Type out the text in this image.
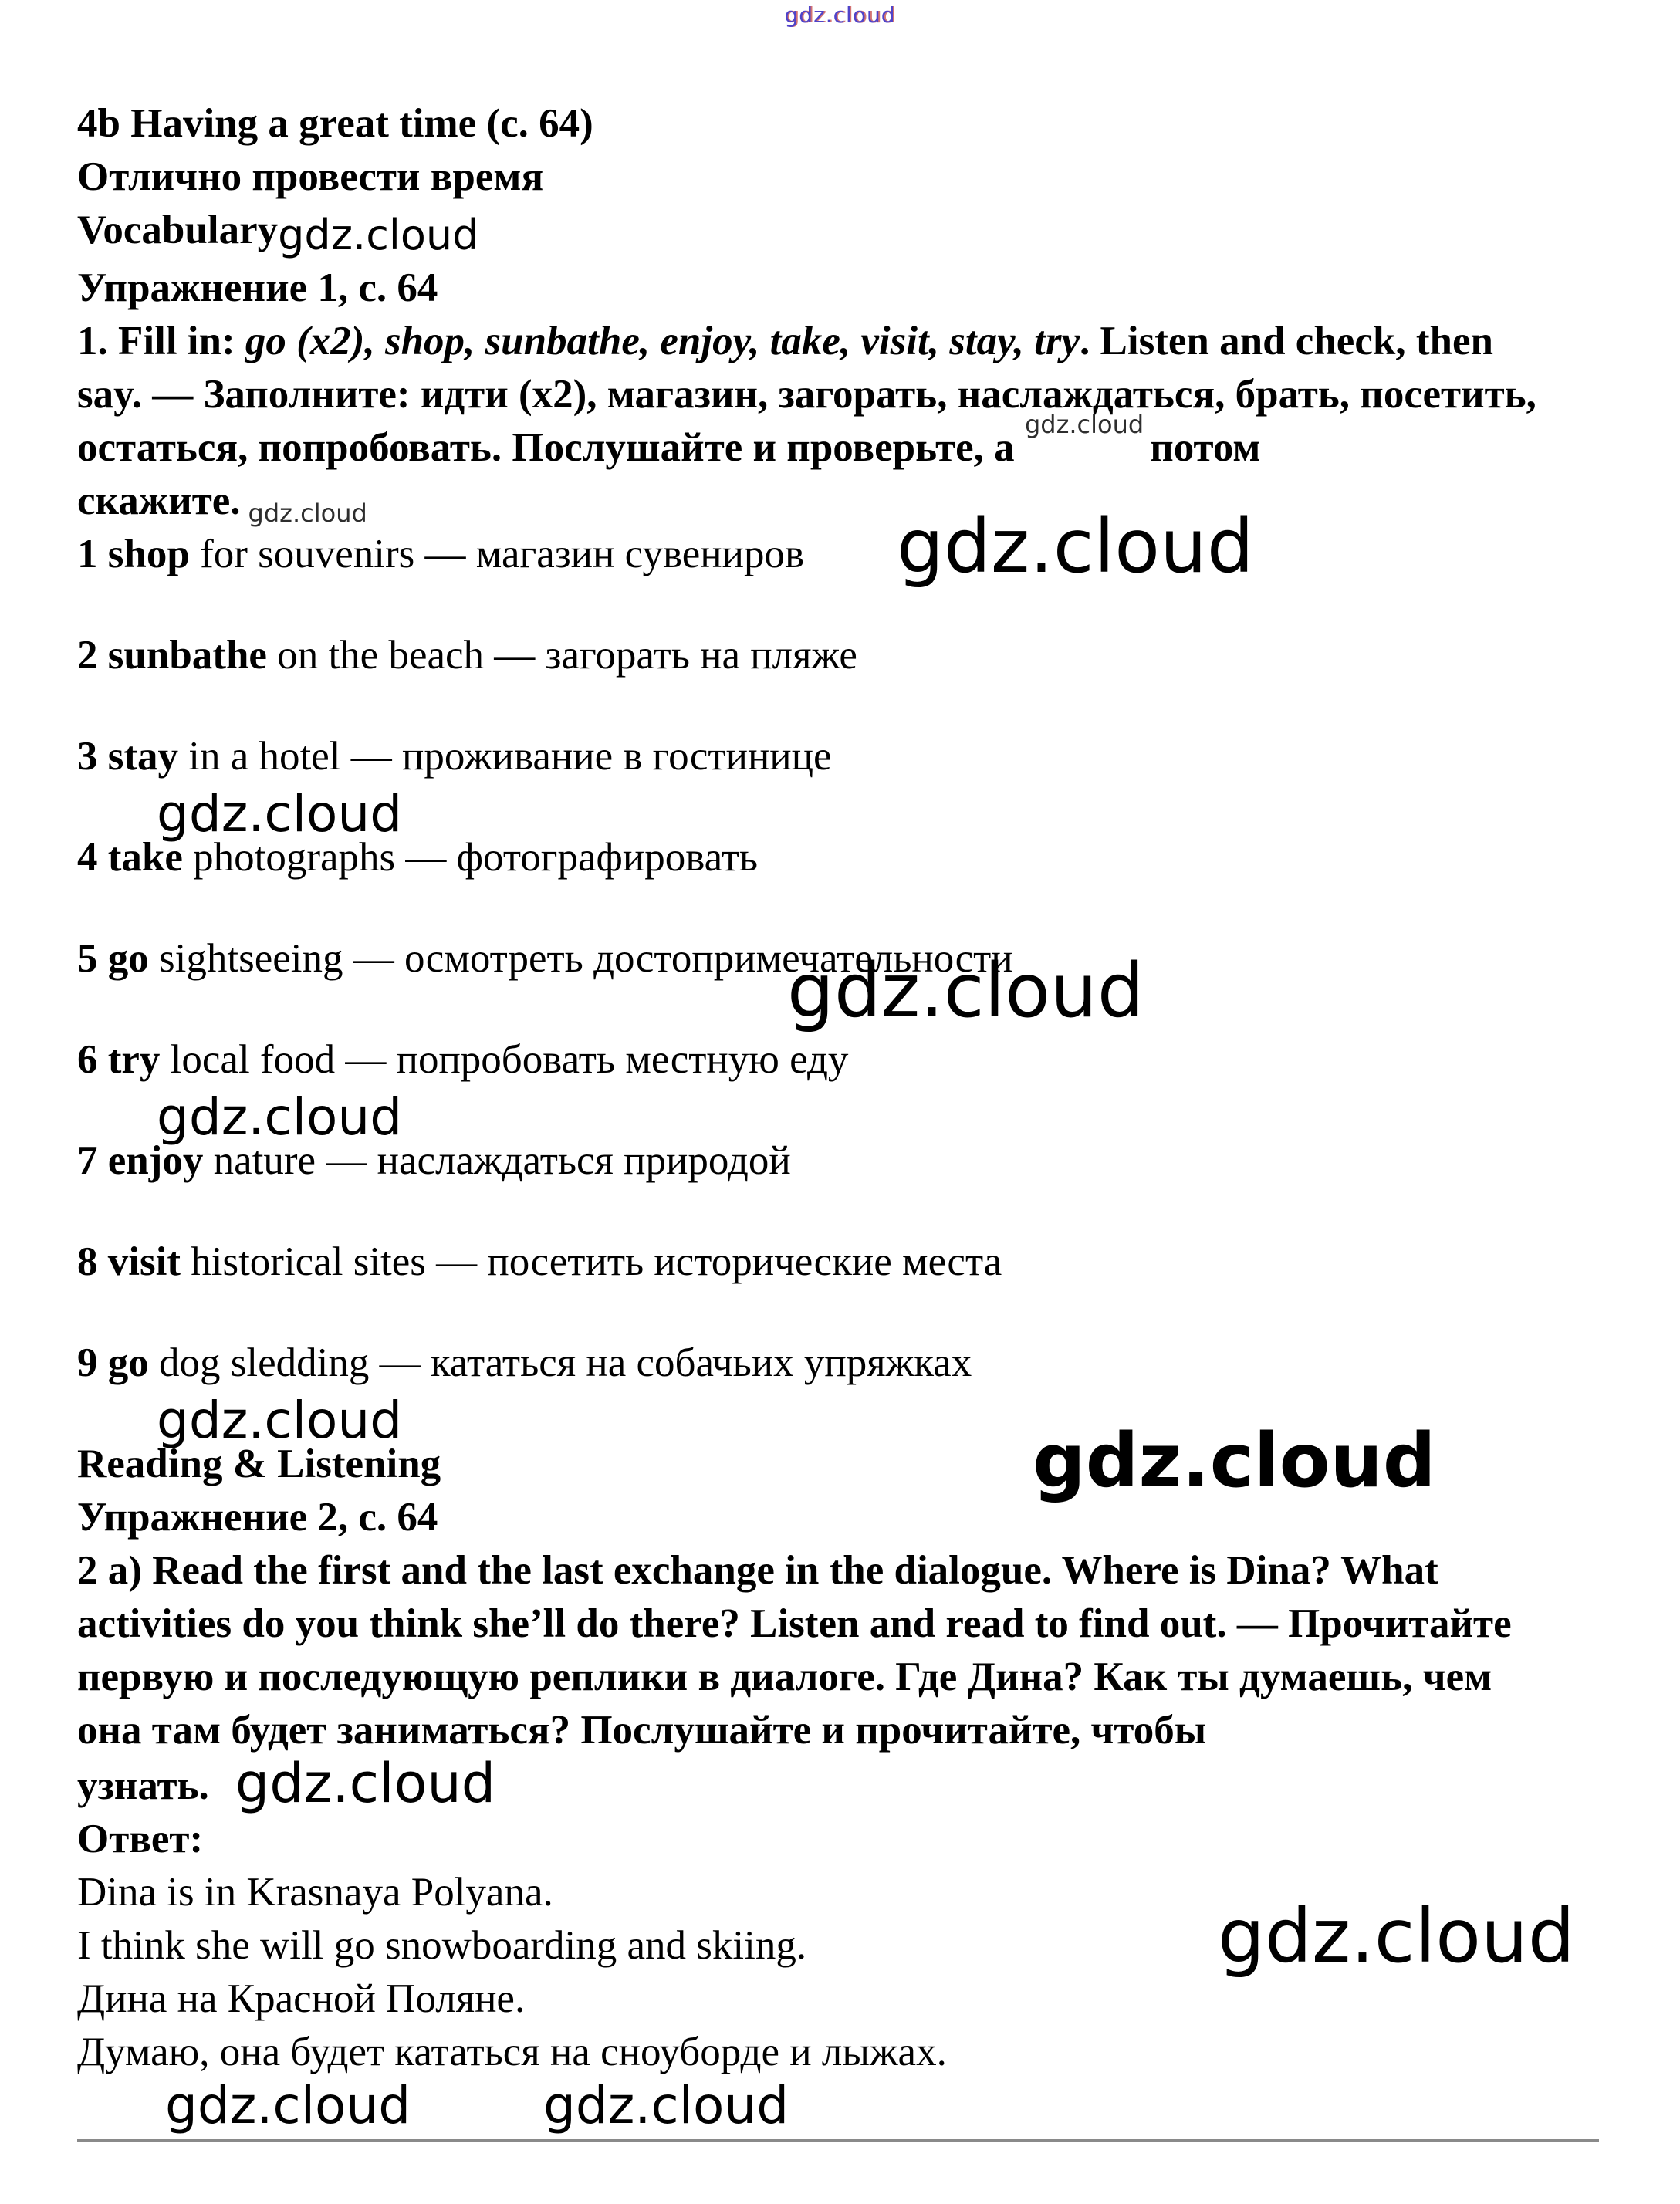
gdz.cloud
4b Having a great time (с. 64)
Отлично провести время
Vocabularygdz.cloud
Упражнение 1, с. 64
1. Fill in: go (x2), shop, sunbathe, enjoy, take, visit, stay, try. Listen and check, then say. — Заполните: идти (x2), магазин, загорать, наслаждаться, брать, посетить, остаться, попробовать. Послушайте и проверьте, а $^{gdz.cloud}$потом скажите. gdz.cloud
1 shop for souvenirs — магазин сувениров gdz.cloud
2 sunbathe on the beach — загорать на пляже
3 stay in a hotel — проживание в гостинице
gdz.cloud
4 take photographs — фотографировать
5 go sightseeing — осмотреть достопримечательности
gdz.cloud
6 try local food — попробовать местную еду
gdz.cloud
7 enjoy nature — наслаждаться природой
8 visit historical sites — посетить исторические места
9 go dog sledding — кататься на собачьих упряжках
gdz.cloud
Reading & Listening	gdz.cloud
Упражнение 2, с. 64
2 a) Read the first and the last exchange in the dialogue. Where is Dina? What activities do you think she’ll do there? Listen and read to find out. — Прочитайте первую и последующую реплики в диалоге. Где Дина? Как ты думаешь, чем она там будет заниматься? Послушайте и прочитайте, чтобы узнать. gdz.cloud
Ответ:
Dina is in Krasnaya Polyana.
I think she will go snowboarding and skiing.	gdz.cloud
Дина на Красной Поляне.
Думаю, она будет кататься на сноуборде и лыжах.
gdz.cloud	gdz.cloud
